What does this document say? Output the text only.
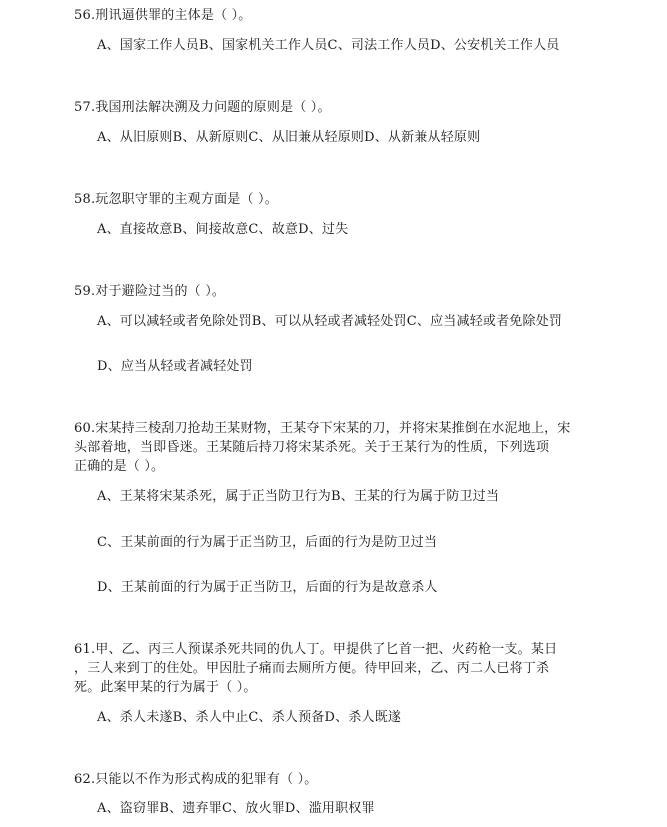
56.刑讯逼供罪的主体是（ ）。
A、国家工作人员B、国家机关工作人员C、司法工作人员D、公安机关工作人员
57.我国刑法解决溯及力问题的原则是（ ）。
A、从旧原则B、从新原则C、从旧兼从轻原则D、从新兼从轻原则
58.玩忽职守罪的主观方面是（ ）。
A、直接故意B、间接故意C、故意D、过失
59.对于避险过当的（ ）。
A、可以减轻或者免除处罚B、可以从轻或者减轻处罚C、应当减轻或者免除处罚
D、应当从轻或者减轻处罚
60.宋某持三棱刮刀抢劫王某财物，王某夺下宋某的刀，并将宋某推倒在水泥地上，宋
头部着地，当即昏迷。王某随后持刀将宋某杀死。关于王某行为的性质，下列选项
正确的是（ ）。
A、王某将宋某杀死，属于正当防卫行为B、王某的行为属于防卫过当
C、王某前面的行为属于正当防卫，后面的行为是防卫过当
D、王某前面的行为属于正当防卫，后面的行为是故意杀人
61.甲、乙、丙三人预谋杀死共同的仇人丁。甲提供了匕首一把、火药枪一支。某日
，三人来到丁的住处。甲因肚子痛而去厕所方便。待甲回来，乙、丙二人已将丁杀
死。此案甲某的行为属于（ ）。
A、杀人未遂B、杀人中止C、杀人预备D、杀人既遂
62.只能以不作为形式构成的犯罪有（ ）。
A、盗窃罪B、遗弃罪C、放火罪D、滥用职权罪
